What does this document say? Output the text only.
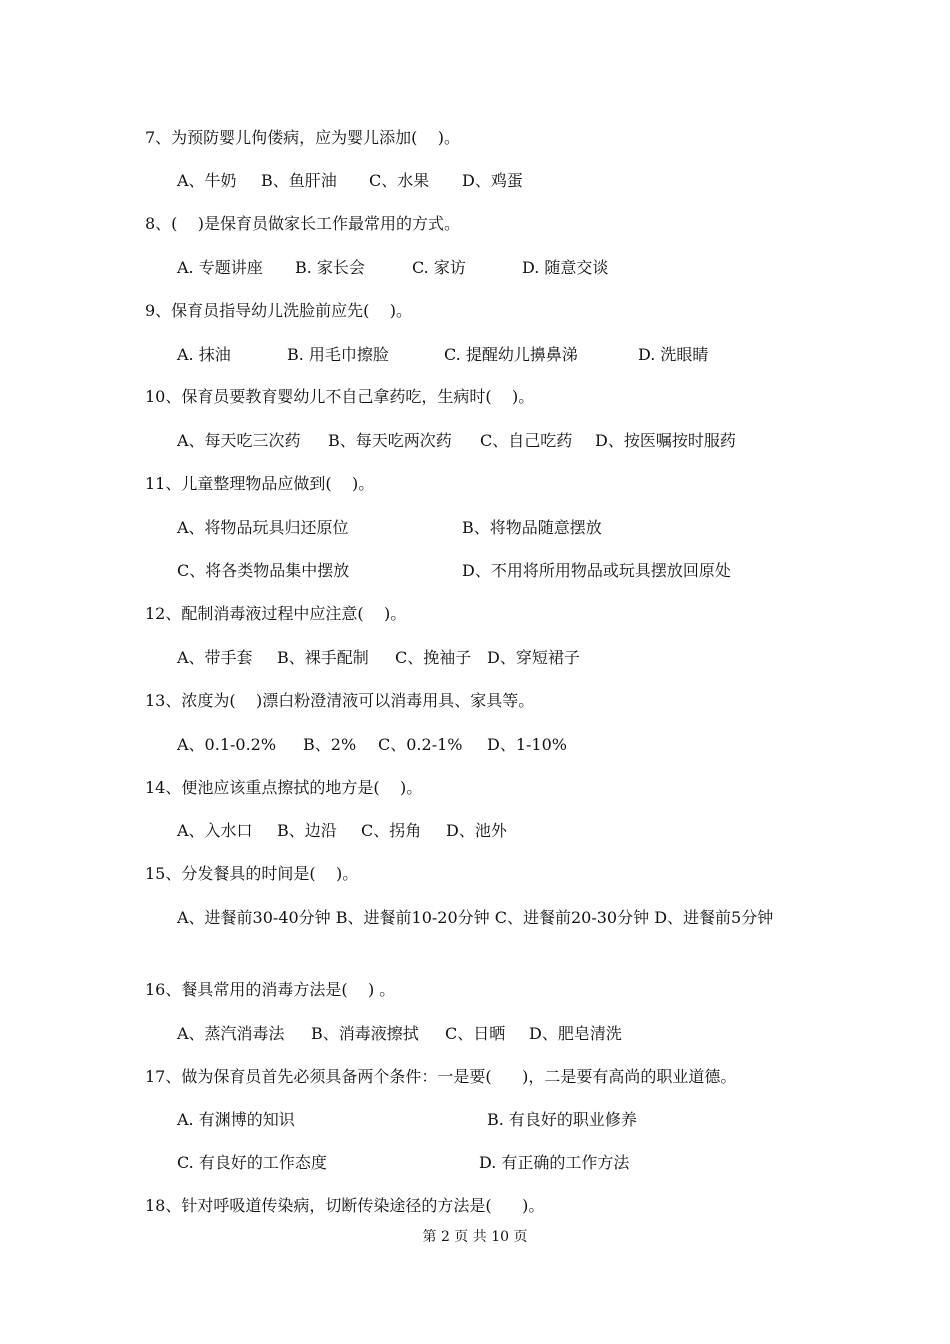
7、为预防婴儿佝偻病，应为婴儿添加(    )。
A、牛奶 B、鱼肝油 C、水果 D、鸡蛋
8、(    )是保育员做家长工作最常用的方式。
A. 专题讲座 B. 家长会	C. 家访	D. 随意交谈
9、保育员指导幼儿洗脸前应先(    )。
A. 抹油	B. 用毛巾擦脸	C. 提醒幼儿擤鼻涕	D. 洗眼睛
10、保育员要教育婴幼儿不自己拿药吃，生病时(    )。
A、每天吃三次药 B、每天吃两次药 C、自己吃药 D、按医嘱按时服药
11、儿童整理物品应做到(    )。
A、将物品玩具归还原位	B、将物品随意摆放
C、将各类物品集中摆放	D、不用将所用物品或玩具摆放回原处
12、配制消毒液过程中应注意(    )。
A、带手套 B、裸手配制 C、挽袖子 D、穿短裙子
13、浓度为(    )漂白粉澄清液可以消毒用具、家具等。
A、0.1-0.2% B、2% C、0.2-1% D、1-10%
14、便池应该重点擦拭的地方是(    )。
A、入水口 B、边沿 C、拐角 D、池外
15、分发餐具的时间是(    )。
A、进餐前30-40分钟 B、进餐前10-20分钟 C、进餐前20-30分钟 D、进餐前5分钟
16、餐具常用的消毒方法是(    ) 。
A、蒸汽消毒法 B、消毒液擦拭 C、日晒 D、肥皂清洗
17、做为保育员首先必须具备两个条件：一是要(      )，二是要有高尚的职业道德。
A. 有渊博的知识	B. 有良好的职业修养
C. 有良好的工作态度	D. 有正确的工作方法
18、针对呼吸道传染病，切断传染途径的方法是(      )。
第 2 页 共 10 页
